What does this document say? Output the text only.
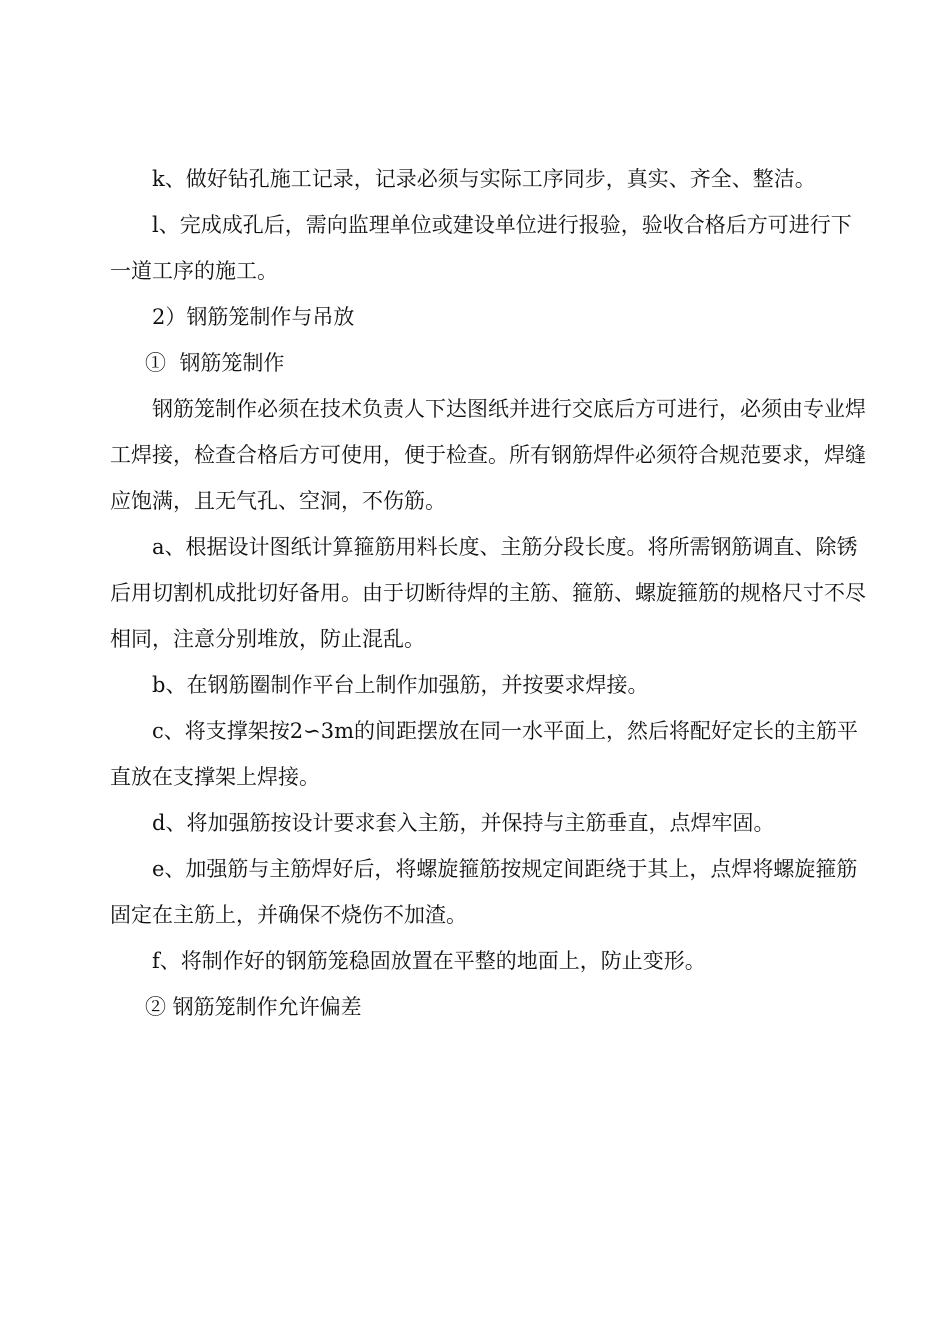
k、做好钻孔施工记录，记录必须与实际工序同步，真实、齐全、整洁。

l、完成成孔后，需向监理单位或建设单位进行报验，验收合格后方可进行下一道工序的施工。

2）钢筋笼制作与吊放

①  钢筋笼制作

钢筋笼制作必须在技术负责人下达图纸并进行交底后方可进行，必须由专业焊工焊接，检查合格后方可使用，便于检查。所有钢筋焊件必须符合规范要求，焊缝应饱满，且无气孔、空洞，不伤筋。

a、根据设计图纸计算箍筋用料长度、主筋分段长度。将所需钢筋调直、除锈后用切割机成批切好备用。由于切断待焊的主筋、箍筋、螺旋箍筋的规格尺寸不尽相同，注意分别堆放，防止混乱。

b、在钢筋圈制作平台上制作加强筋，并按要求焊接。

c、将支撑架按2∽3m的间距摆放在同一水平面上，然后将配好定长的主筋平直放在支撑架上焊接。

d、将加强筋按设计要求套入主筋，并保持与主筋垂直，点焊牢固。

e、加强筋与主筋焊好后，将螺旋箍筋按规定间距绕于其上，点焊将螺旋箍筋固定在主筋上，并确保不烧伤不加渣。

f、将制作好的钢筋笼稳固放置在平整的地面上，防止变形。

② 钢筋笼制作允许偏差
